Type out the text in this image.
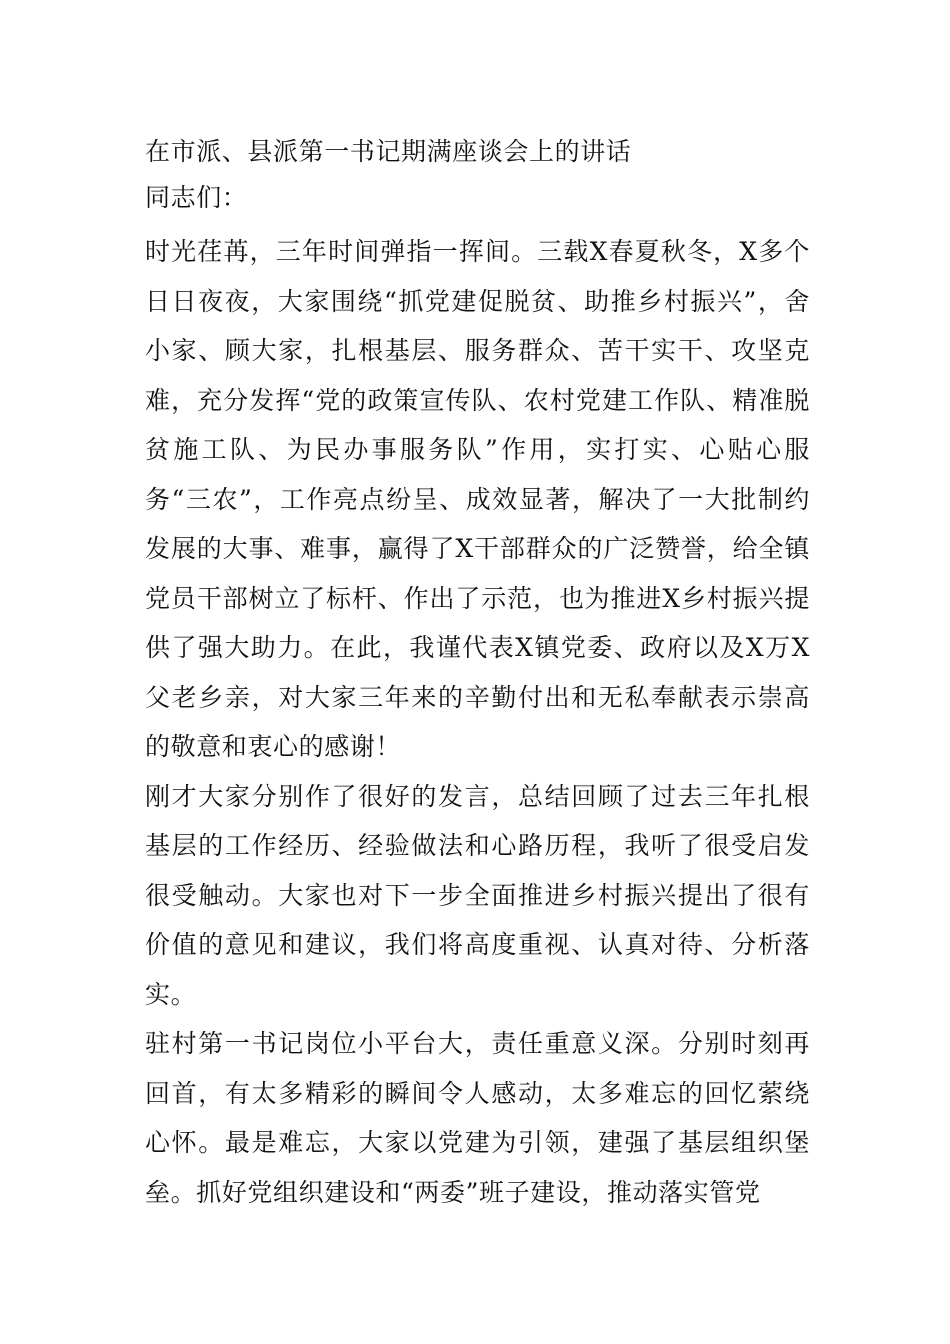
在市派、县派第一书记期满座谈会上的讲话

同志们：

时光荏苒，三年时间弹指一挥间。三载X春夏秋冬，X多个日日夜夜，大家围绕“抓党建促脱贫、助推乡村振兴”，舍小家、顾大家，扎根基层、服务群众、苦干实干、攻坚克难，充分发挥“党的政策宣传队、农村党建工作队、精准脱贫施工队、为民办事服务队”作用，实打实、心贴心服务“三农”，工作亮点纷呈、成效显著，解决了一大批制约发展的大事、难事，赢得了X干部群众的广泛赞誉，给全镇党员干部树立了标杆、作出了示范，也为推进X乡村振兴提供了强大助力。在此，我谨代表X镇党委、政府以及X万X父老乡亲，对大家三年来的辛勤付出和无私奉献表示崇高的敬意和衷心的感谢！

刚才大家分别作了很好的发言，总结回顾了过去三年扎根基层的工作经历、经验做法和心路历程，我听了很受启发很受触动。大家也对下一步全面推进乡村振兴提出了很有价值的意见和建议，我们将高度重视、认真对待、分析落实。

驻村第一书记岗位小平台大，责任重意义深。分别时刻再回首，有太多精彩的瞬间令人感动，太多难忘的回忆萦绕心怀。最是难忘，大家以党建为引领，建强了基层组织堡垒。抓好党组织建设和“两委”班子建设，推动落实管党
